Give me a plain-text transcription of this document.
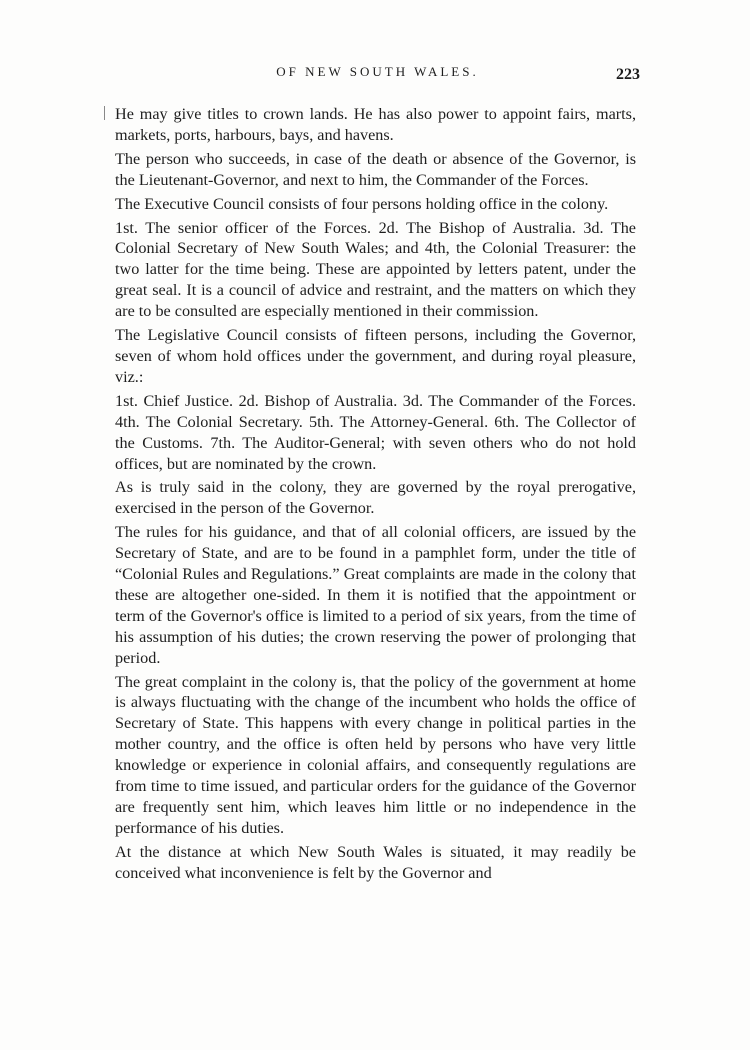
OF NEW SOUTH WALES.	223

He may give titles to crown lands. He has also power to appoint fairs, marts, markets, ports, harbours, bays, and havens.

The person who succeeds, in case of the death or absence of the Governor, is the Lieutenant-Governor, and next to him, the Commander of the Forces.

The Executive Council consists of four persons holding office in the colony.

1st. The senior officer of the Forces. 2d. The Bishop of Australia. 3d. The Colonial Secretary of New South Wales; and 4th, the Colonial Treasurer: the two latter for the time being. These are appointed by letters patent, under the great seal. It is a council of advice and restraint, and the matters on which they are to be consulted are especially mentioned in their commission.

The Legislative Council consists of fifteen persons, including the Governor, seven of whom hold offices under the government, and during royal pleasure, viz.:

1st. Chief Justice. 2d. Bishop of Australia. 3d. The Commander of the Forces. 4th. The Colonial Secretary. 5th. The Attorney-General. 6th. The Collector of the Customs. 7th. The Auditor-General; with seven others who do not hold offices, but are nominated by the crown.

As is truly said in the colony, they are governed by the royal prerogative, exercised in the person of the Governor.

The rules for his guidance, and that of all colonial officers, are issued by the Secretary of State, and are to be found in a pamphlet form, under the title of “Colonial Rules and Regulations.” Great complaints are made in the colony that these are altogether one-sided. In them it is notified that the appointment or term of the Governor's office is limited to a period of six years, from the time of his assumption of his duties; the crown reserving the power of prolonging that period.

The great complaint in the colony is, that the policy of the government at home is always fluctuating with the change of the incumbent who holds the office of Secretary of State. This happens with every change in political parties in the mother country, and the office is often held by persons who have very little knowledge or experience in colonial affairs, and consequently regulations are from time to time issued, and particular orders for the guidance of the Governor are frequently sent him, which leaves him little or no independence in the performance of his duties.

At the distance at which New South Wales is situated, it may readily be conceived what inconvenience is felt by the Governor and
